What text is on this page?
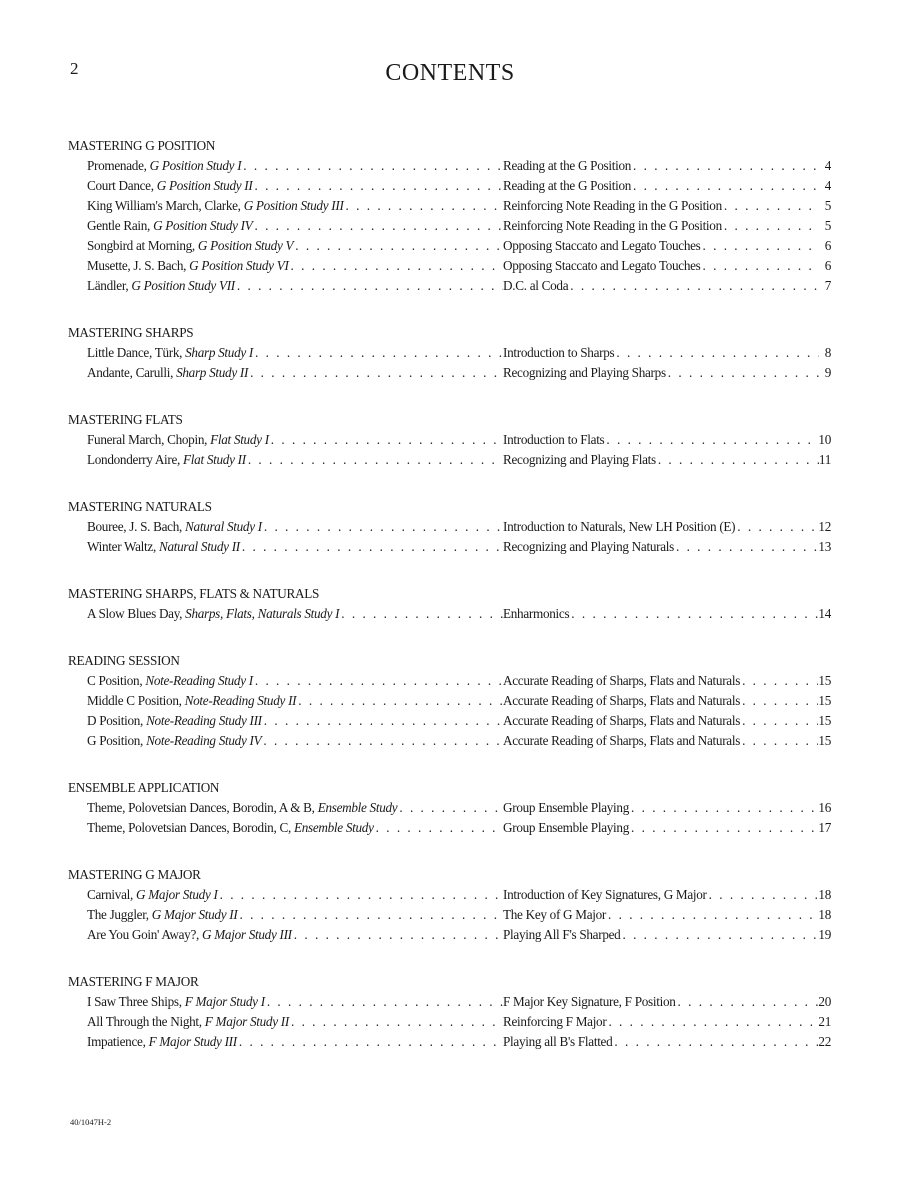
2	CONTENTS
MASTERING G POSITION
Promenade, G Position Study I . . .	Reading at the G Position . . .	4
Court Dance, G Position Study II . . .	Reading at the G Position . . .	4
King William's March, Clarke, G Position Study III . . .	Reinforcing Note Reading in the G Position . . .	5
Gentle Rain, G Position Study IV . . .	Reinforcing Note Reading in the G Position . . .	5
Songbird at Morning, G Position Study V . . .	Opposing Staccato and Legato Touches . . .	6
Musette, J. S. Bach, G Position Study VI . . .	Opposing Staccato and Legato Touches . . .	6
Ländler, G Position Study VII . . .	D.C. al Coda . . .	7
MASTERING SHARPS
Little Dance, Türk, Sharp Study I . . .	Introduction to Sharps . . .	8
Andante, Carulli, Sharp Study II . . .	Recognizing and Playing Sharps . . .	9
MASTERING FLATS
Funeral March, Chopin, Flat Study I . . .	Introduction to Flats . . .	10
Londonderry Aire, Flat Study II . . .	Recognizing and Playing Flats . . .	11
MASTERING NATURALS
Bouree, J. S. Bach, Natural Study I . . .	Introduction to Naturals, New LH Position (E) . . .	12
Winter Waltz, Natural Study II . . .	Recognizing and Playing Naturals . . .	13
MASTERING SHARPS, FLATS & NATURALS
A Slow Blues Day, Sharps, Flats, Naturals Study I . . .	Enharmonics . . .	14
READING SESSION
C Position, Note-Reading Study I . . .	Accurate Reading of Sharps, Flats and Naturals . . .	15
Middle C Position, Note-Reading Study II . . .	Accurate Reading of Sharps, Flats and Naturals . . .	15
D Position, Note-Reading Study III . . .	Accurate Reading of Sharps, Flats and Naturals . . .	15
G Position, Note-Reading Study IV . . .	Accurate Reading of Sharps, Flats and Naturals . . .	15
ENSEMBLE APPLICATION
Theme, Polovetsian Dances, Borodin, A & B, Ensemble Study . . .	Group Ensemble Playing . . .	16
Theme, Polovetsian Dances, Borodin, C, Ensemble Study . . .	Group Ensemble Playing . . .	17
MASTERING G MAJOR
Carnival, G Major Study I . . .	Introduction of Key Signatures, G Major . . .	18
The Juggler, G Major Study II . . .	The Key of G Major . . .	18
Are You Goin' Away?, G Major Study III . . .	Playing All F's Sharped . . .	19
MASTERING F MAJOR
I Saw Three Ships, F Major Study I . . .	F Major Key Signature, F Position . . .	20
All Through the Night, F Major Study II . . .	Reinforcing F Major . . .	21
Impatience, F Major Study III . . .	Playing all B's Flatted . . .	22
40/1047H-2
